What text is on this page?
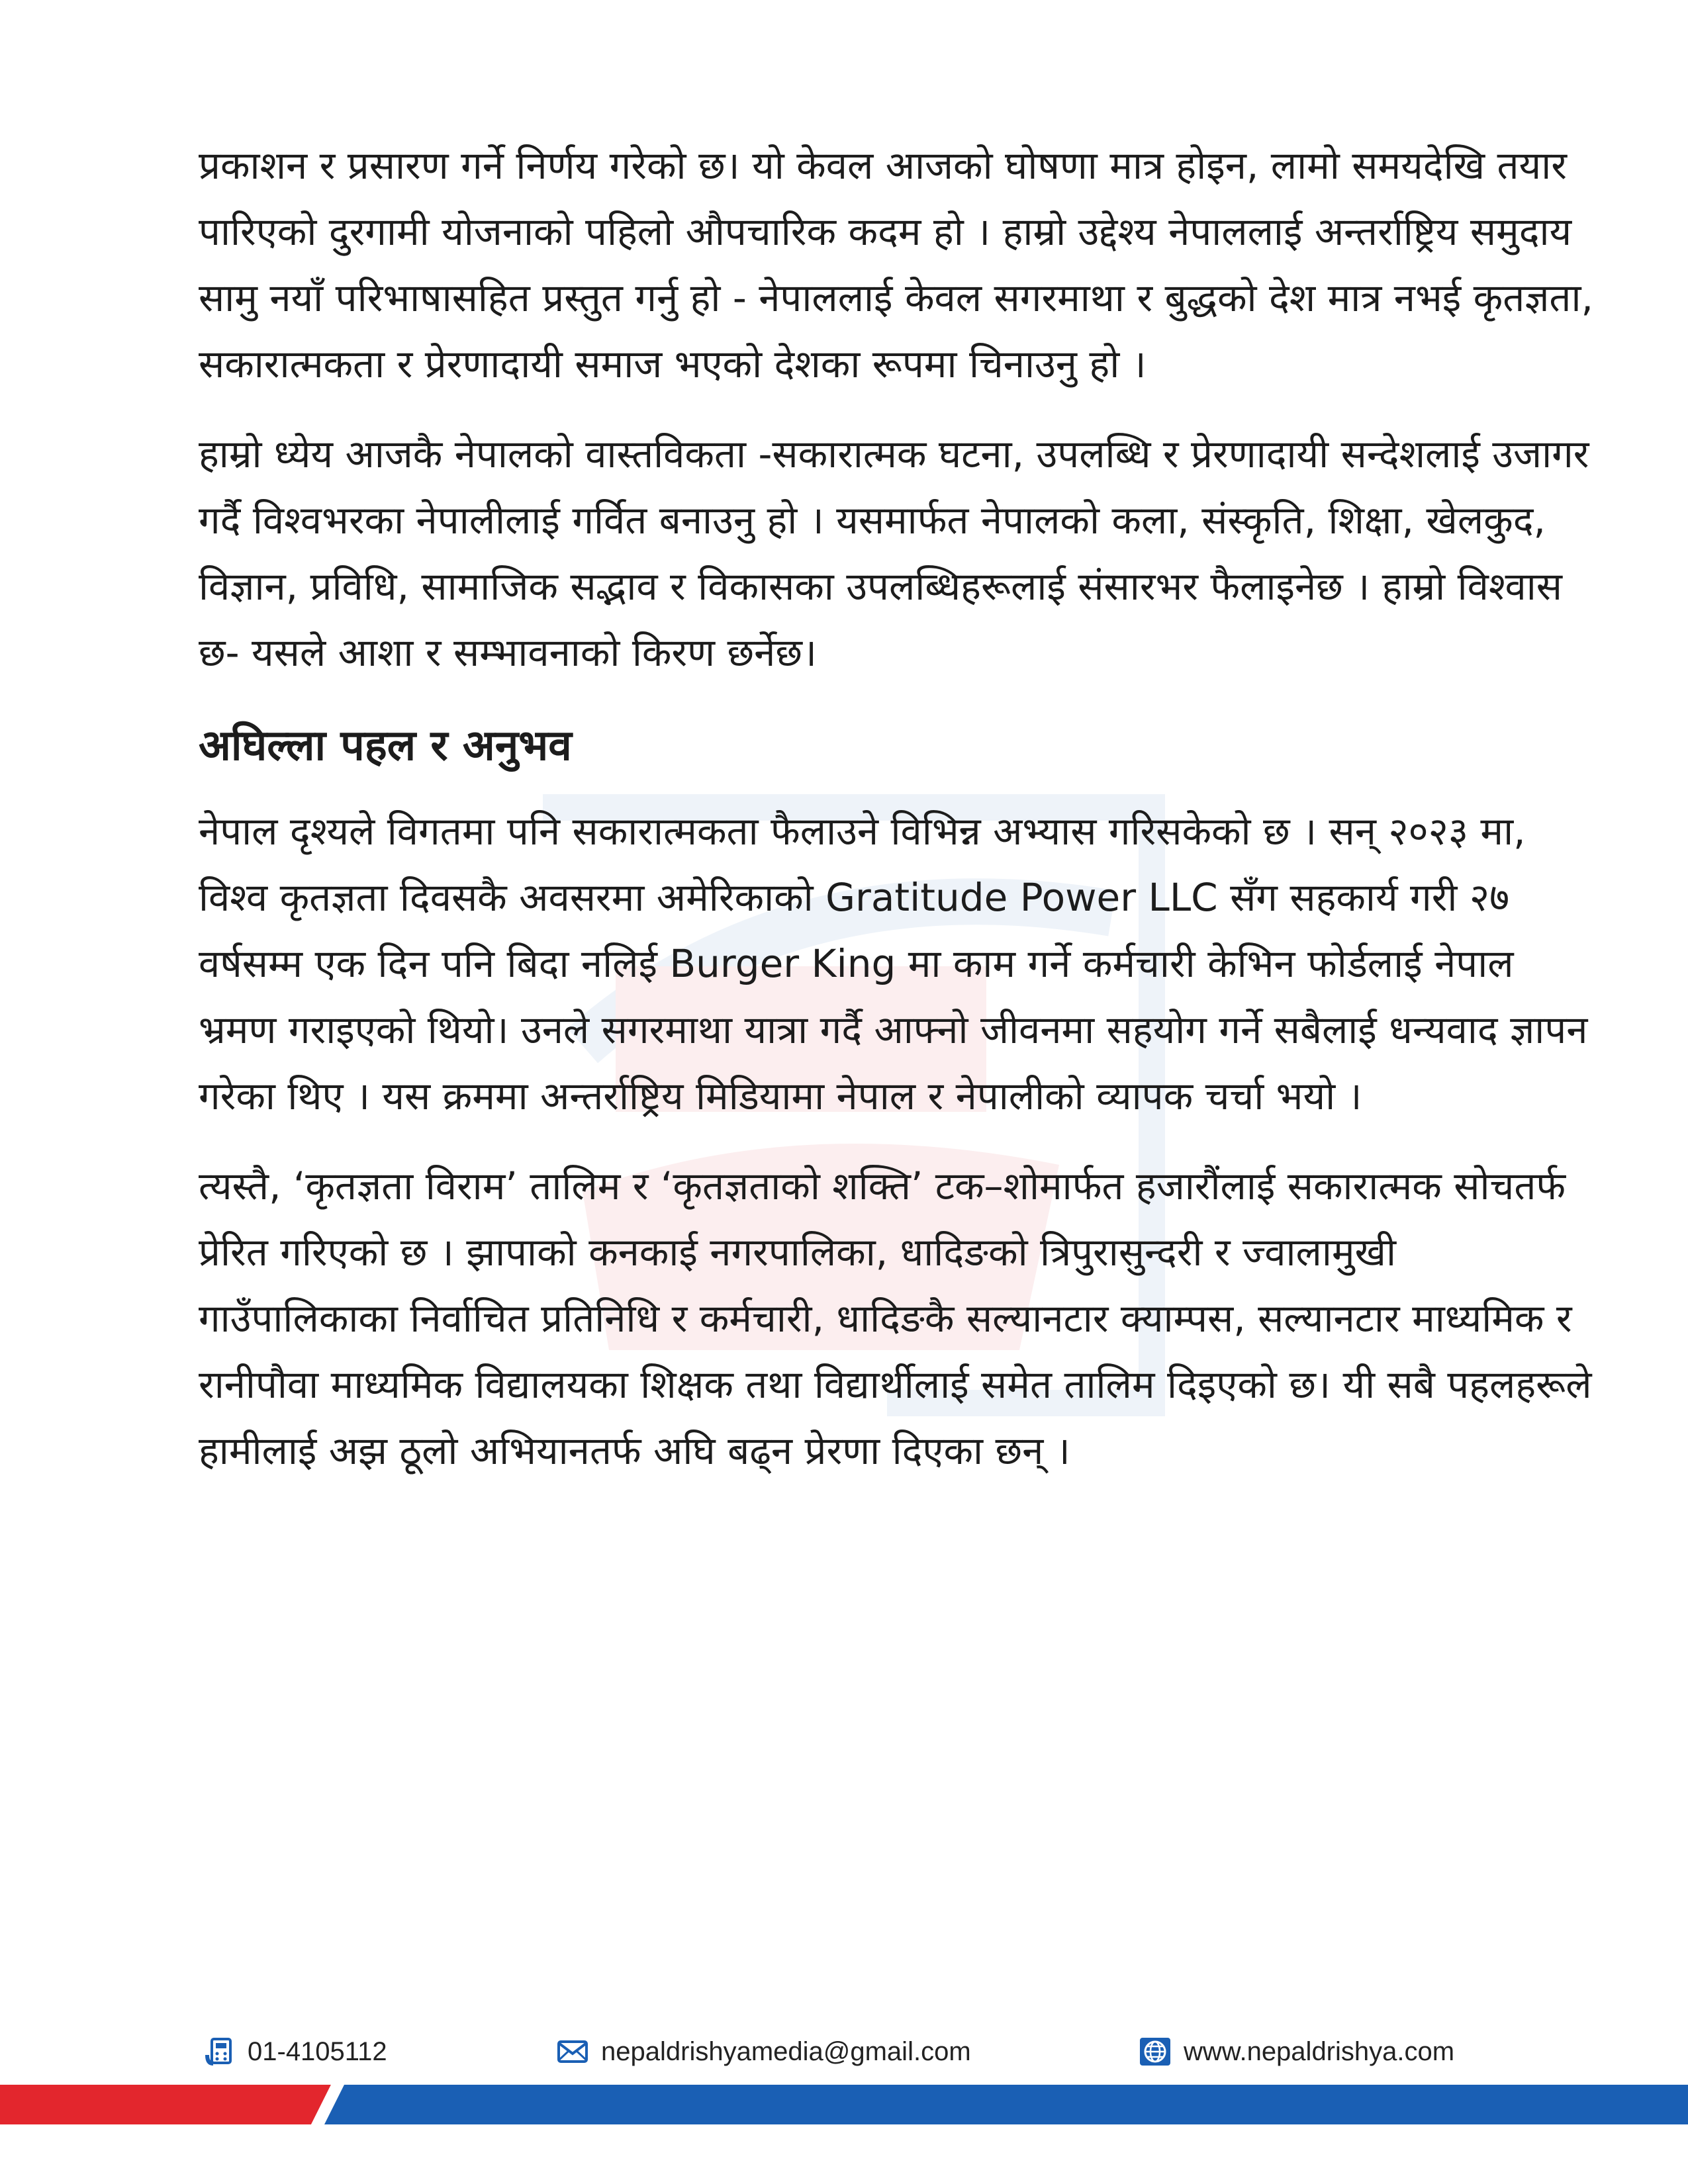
प्रकाशन र प्रसारण गर्ने निर्णय गरेको छ। यो केवल आजको घोषणा मात्र होइन, लामो समयदेखि तयार पारिएको दुरगामी योजनाको पहिलो औपचारिक कदम हो । हाम्रो उद्देश्य नेपाललाई अन्तर्राष्ट्रिय समुदाय सामु नयाँ परिभाषासहित प्रस्तुत गर्नु हो - नेपाललाई केवल सगरमाथा र बुद्धको देश मात्र नभई कृतज्ञता, सकारात्मकता र प्रेरणादायी समाज भएको देशका रूपमा चिनाउनु हो ।

हाम्रो ध्येय आजकै नेपालको वास्तविकता -सकारात्मक घटना, उपलब्धि र प्रेरणादायी सन्देशलाई उजागर गर्दै विश्वभरका नेपालीलाई गर्वित बनाउनु हो । यसमार्फत नेपालको कला, संस्कृति, शिक्षा, खेलकुद, विज्ञान, प्रविधि, सामाजिक सद्भाव र विकासका उपलब्धिहरूलाई संसारभर फैलाइनेछ । हाम्रो विश्वास छ- यसले आशा र सम्भावनाको किरण छर्नेछ।

अघिल्ला पहल र अनुभव

नेपाल दृश्यले विगतमा पनि सकारात्मकता फैलाउने विभिन्न अभ्यास गरिसकेको छ । सन् २०२३ मा, विश्व कृतज्ञता दिवसकै अवसरमा अमेरिकाको Gratitude Power LLC सँग सहकार्य गरी २७ वर्षसम्म एक दिन पनि बिदा नलिई Burger King मा काम गर्ने कर्मचारी केभिन फोर्डलाई नेपाल भ्रमण गराइएको थियो। उनले सगरमाथा यात्रा गर्दै आफ्नो जीवनमा सहयोग गर्ने सबैलाई धन्यवाद ज्ञापन गरेका थिए । यस क्रममा अन्तर्राष्ट्रिय मिडियामा नेपाल र नेपालीको व्यापक चर्चा भयो ।

त्यस्तै, ‘कृतज्ञता विराम’ तालिम र ‘कृतज्ञताको शक्ति’ टक–शोमार्फत हजारौंलाई सकारात्मक सोचतर्फ प्रेरित गरिएको छ । झापाको कनकाई नगरपालिका, धादिङको त्रिपुरासुन्दरी र ज्वालामुखी गाउँपालिकाका निर्वाचित प्रतिनिधि र कर्मचारी, धादिङकै सल्यानटार क्याम्पस, सल्यानटार माध्यमिक र रानीपौवा माध्यमिक विद्यालयका शिक्षक तथा विद्यार्थीलाई समेत तालिम दिइएको छ। यी सबै पहलहरूले हामीलाई अझ ठूलो अभियानतर्फ अघि बढ्न प्रेरणा दिएका छन् ।

01-4105112	nepaldrishyamedia@gmail.com	www.nepaldrishya.com
